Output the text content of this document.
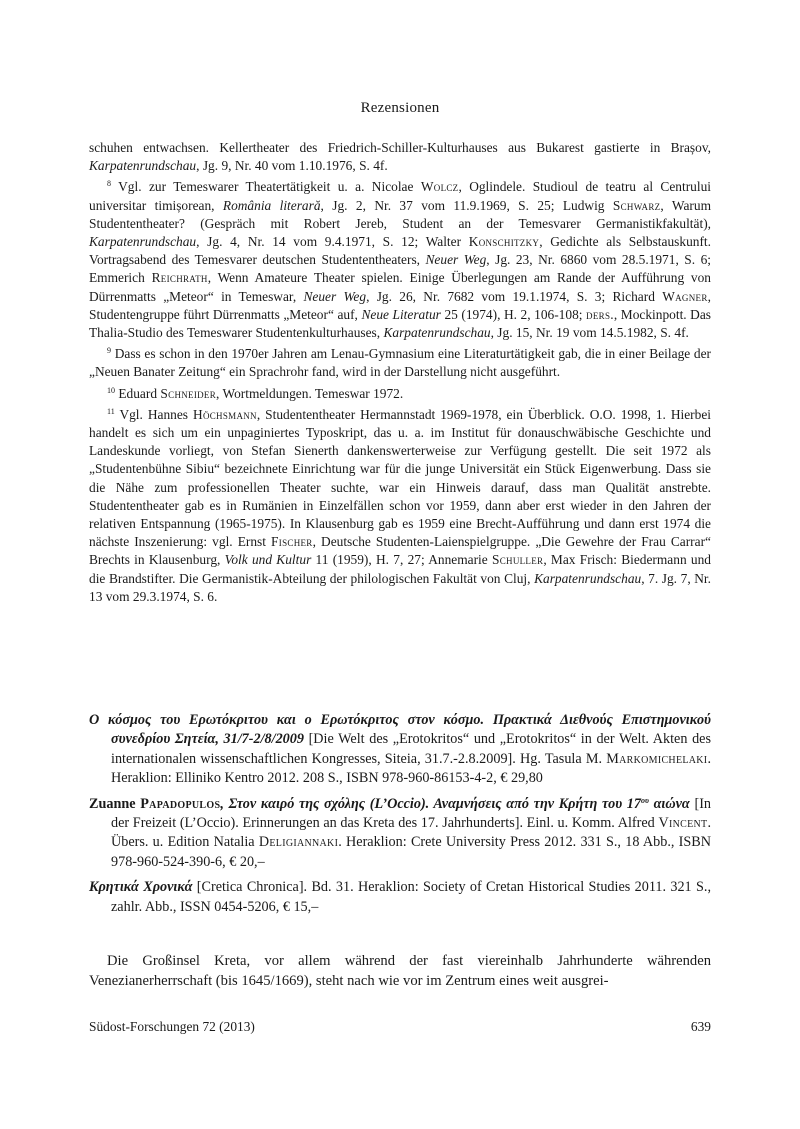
Rezensionen

schuhen entwachsen. Kellertheater des Friedrich-Schiller-Kulturhauses aus Bukarest gastierte in Brașov, Karpatenrundschau, Jg. 9, Nr. 40 vom 1.10.1976, S. 4f.

$^8$ Vgl. zur Temeswarer Theatertätigkeit u. a. Nicolae Wolcz, Oglindele. Studioul de teatru al Centrului universitar timișorean, România literară, Jg. 2, Nr. 37 vom 11.9.1969, S. 25; Ludwig Schwarz, Warum Studententheater? (Gespräch mit Robert Jereb, Student an der Temesvarer Germanistikfakultät), Karpatenrundschau, Jg. 4, Nr. 14 vom 9.4.1971, S. 12; Walter Konschitzky, Gedichte als Selbstauskunft. Vortragsabend des Temesvarer deutschen Studententheaters, Neuer Weg, Jg. 23, Nr. 6860 vom 28.5.1971, S. 6; Emmerich Reichrath, Wenn Amateure Theater spielen. Einige Überlegungen am Rande der Aufführung von Dürrenmatts „Meteor“ in Temeswar, Neuer Weg, Jg. 26, Nr. 7682 vom 19.1.1974, S. 3; Richard Wagner, Studentengruppe führt Dürrenmatts „Meteor“ auf, Neue Literatur 25 (1974), H. 2, 106-108; ders., Mockinpott. Das Thalia-Studio des Temeswarer Studentenkulturhauses, Karpatenrundschau, Jg. 15, Nr. 19 vom 14.5.1982, S. 4f.

$^9$ Dass es schon in den 1970er Jahren am Lenau-Gymnasium eine Literaturtätigkeit gab, die in einer Beilage der „Neuen Banater Zeitung“ ein Sprachrohr fand, wird in der Darstellung nicht ausgeführt.

$^{10}$ Eduard Schneider, Wortmeldungen. Temeswar 1972.

$^{11}$ Vgl. Hannes Höchsmann, Studententheater Hermannstadt 1969-1978, ein Überblick. O.O. 1998, 1. Hierbei handelt es sich um ein unpaginiertes Typoskript, das u. a. im Institut für donauschwäbische Geschichte und Landeskunde vorliegt, von Stefan Sienerth dankenswerterweise zur Verfügung gestellt. Die seit 1972 als „Studentenbühne Sibiu“ bezeichnete Einrichtung war für die junge Universität ein Stück Eigenwerbung. Dass sie die Nähe zum professionellen Theater suchte, war ein Hinweis darauf, dass man Qualität anstrebte. Studententheater gab es in Rumänien in Einzelfällen schon vor 1959, dann aber erst wieder in den Jahren der relativen Entspannung (1965-1975). In Klausenburg gab es 1959 eine Brecht-Aufführung und dann erst 1974 die nächste Inszenierung: vgl. Ernst Fischer, Deutsche Studenten-Laienspielgruppe. „Die Gewehre der Frau Carrar“ Brechts in Klausenburg, Volk und Kultur 11 (1959), H. 7, 27; Annemarie Schuller, Max Frisch: Biedermann und die Brandstifter. Die Germanistik-Abteilung der philologischen Fakultät von Cluj, Karpatenrundschau, 7. Jg. 7, Nr. 13 vom 29.3.1974, S. 6.

Ο κόσμος του Ερωτόκριτου και ο Ερωτόκριτος στον κόσμο. Πρακτικά Διεθνούς Επιστημονικού συνεδρίου Σητεία, 31/7-2/8/2009 [Die Welt des „Erotokritos“ und „Erotokritos“ in der Welt. Akten des internationalen wissenschaftlichen Kongresses, Siteia, 31.7.-2.8.2009]. Hg. Tasula M. Markomichelaki. Heraklion: Elliniko Kentro 2012. 208 S., ISBN 978-960-86153-4-2, € 29,80

Zuanne Papadopulos, Στον καιρό της σχόλης (L’Occio). Αναμνήσεις από την Κρήτη του $17^{o\upsilon}$ αιώνα [In der Freizeit (L’Occio). Erinnerungen an das Kreta des 17. Jahrhunderts]. Einl. u. Komm. Alfred Vincent. Übers. u. Edition Natalia Deligiannaki. Heraklion: Crete University Press 2012. 331 S., 18 Abb., ISBN 978-960-524-390-6, € 20,–

Κρητικά Χρονικά [Cretica Chronica]. Bd. 31. Heraklion: Society of Cretan Historical Studies 2011. 321 S., zahlr. Abb., ISSN 0454-5206, € 15,–

Die Großinsel Kreta, vor allem während der fast viereinhalb Jahrhunderte währenden Venezianerherrschaft (bis 1645/1669), steht nach wie vor im Zentrum eines weit ausgrei-

Südost-Forschungen 72 (2013)	639
